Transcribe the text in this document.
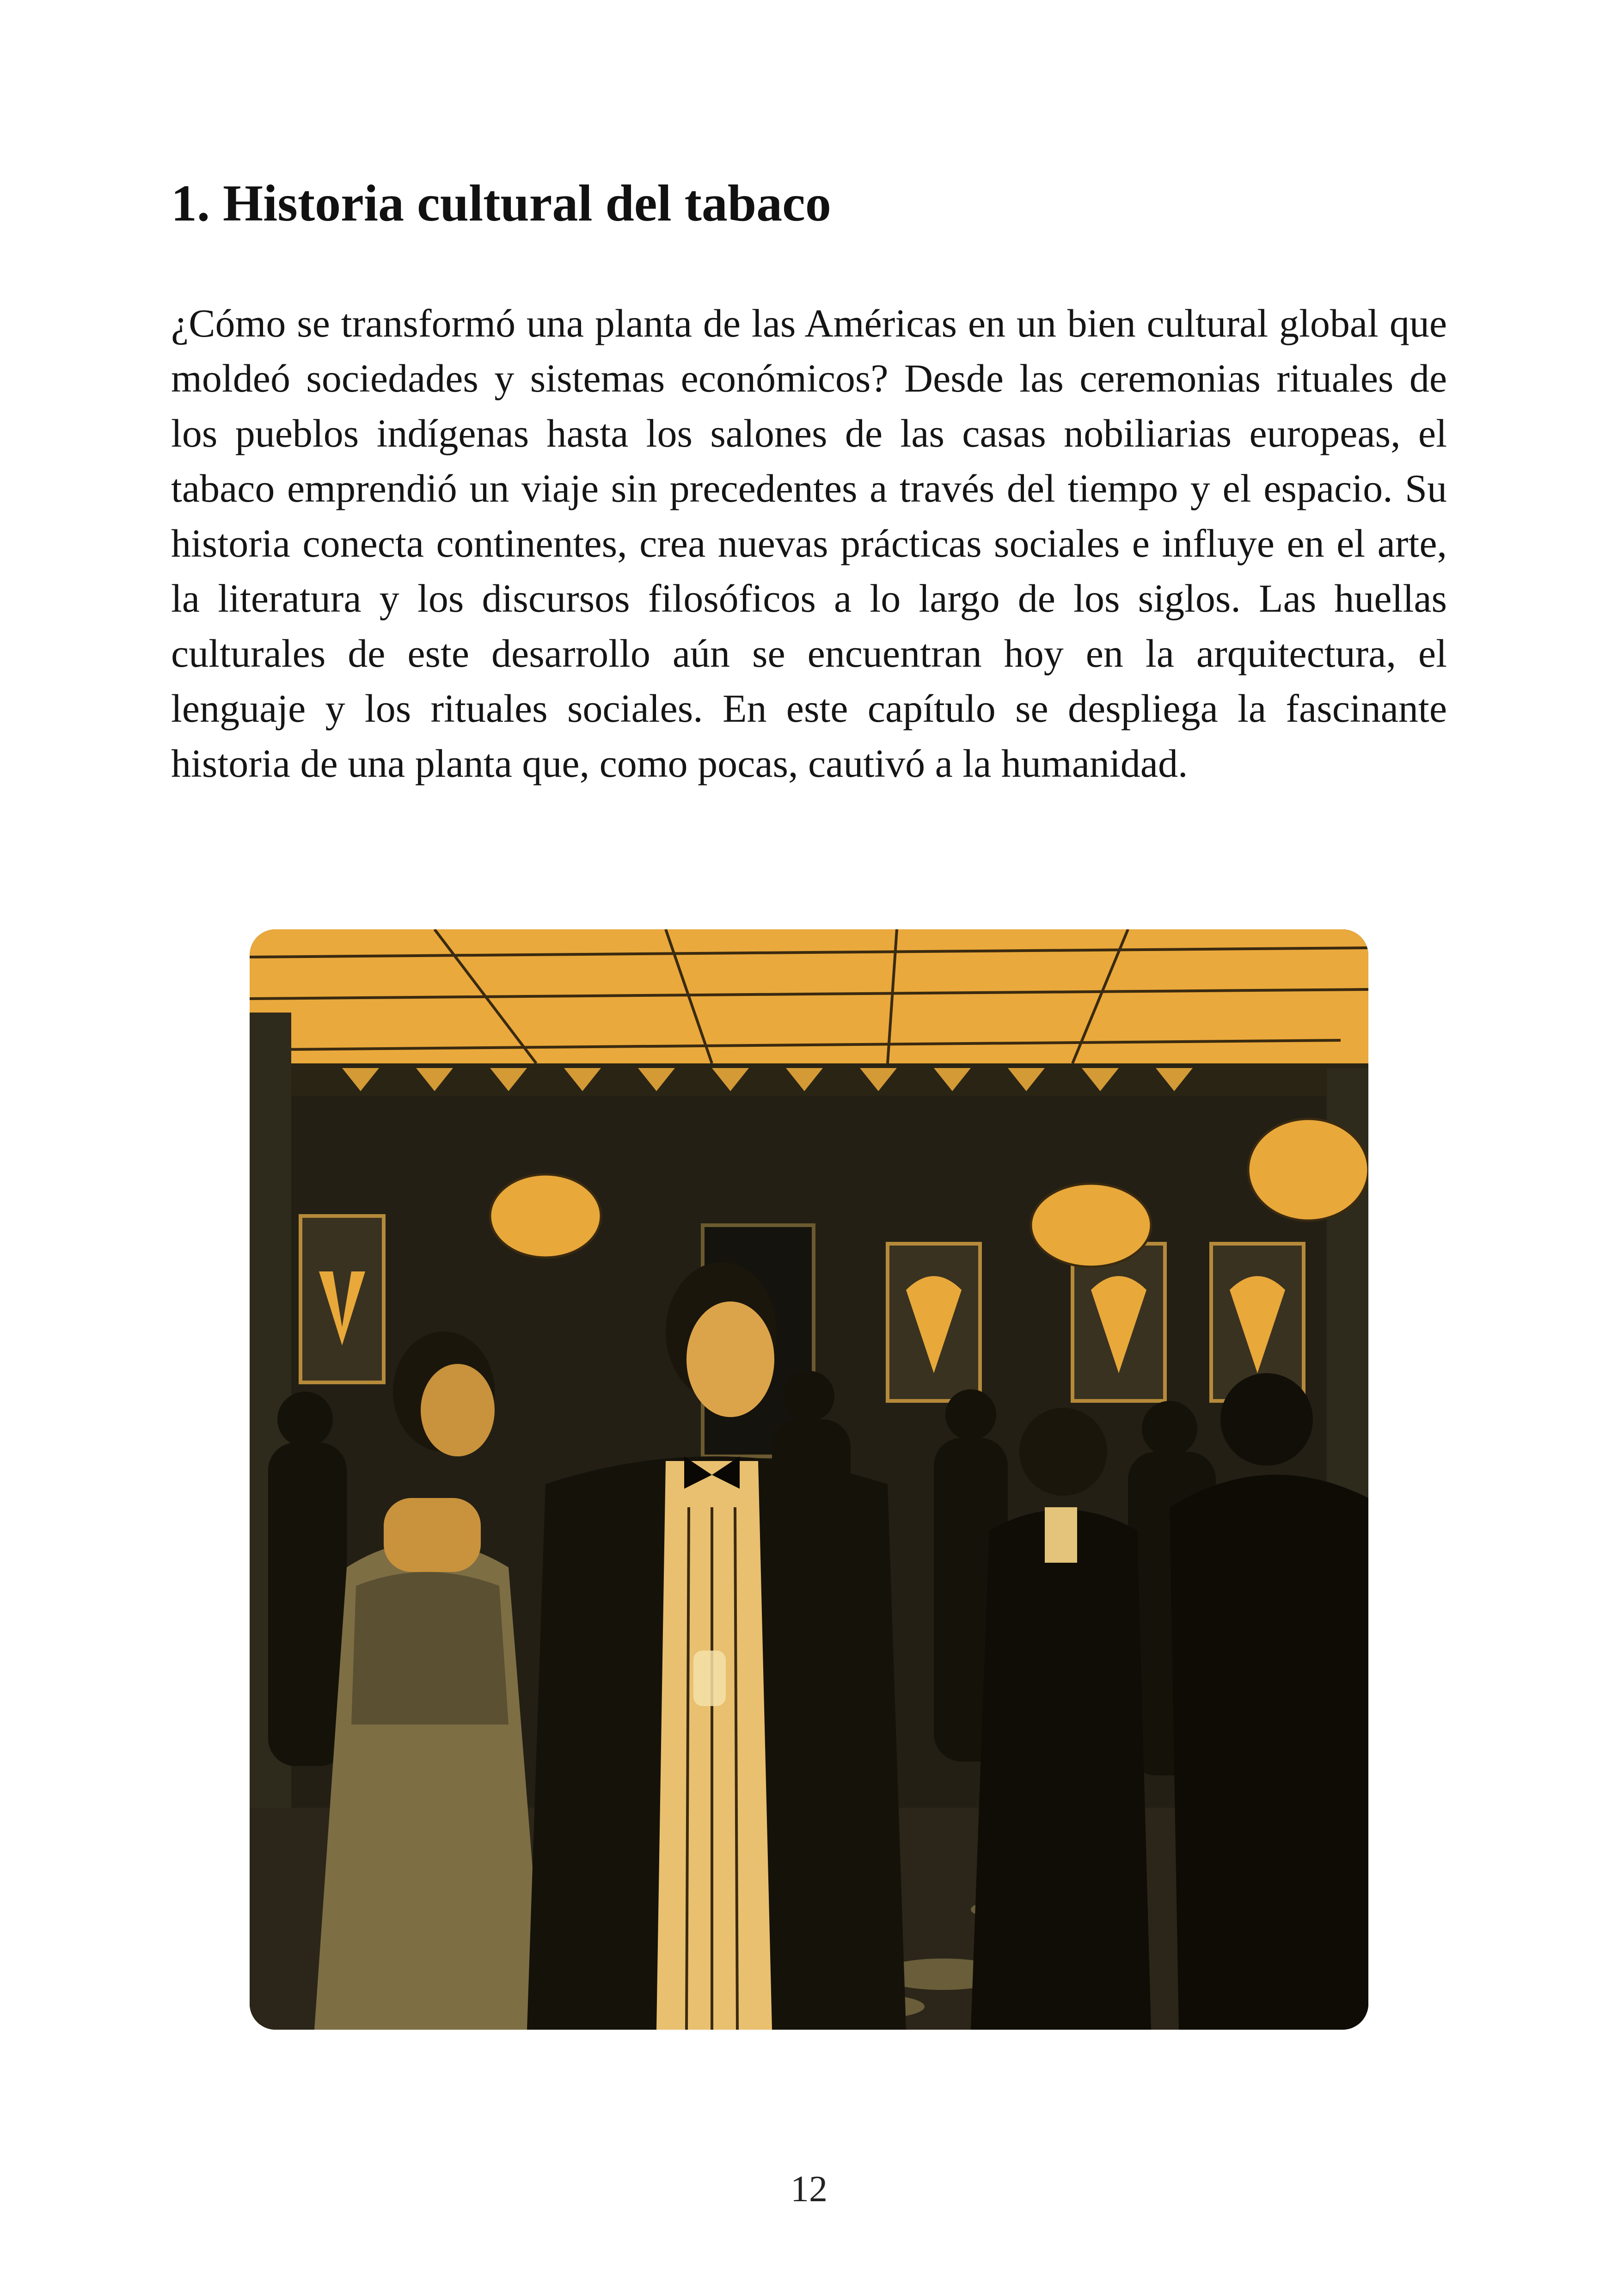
1. Historia cultural del tabaco

¿Cómo se transformó una planta de las Américas en un bien cultural global que moldeó sociedades y sistemas económicos? Desde las ceremonias rituales de los pueblos indígenas hasta los salones de las casas nobiliarias europeas, el tabaco emprendió un viaje sin precedentes a través del tiempo y el espacio. Su historia conecta continentes, crea nuevas prácticas sociales e influye en el arte, la literatura y los discursos filosóficos a lo largo de los siglos. Las huellas culturales de este desarrollo aún se encuentran hoy en la arquitectura, el lenguaje y los rituales sociales. En este capítulo se despliega la fascinante historia de una planta que, como pocas, cautivó a la humanidad.

12
